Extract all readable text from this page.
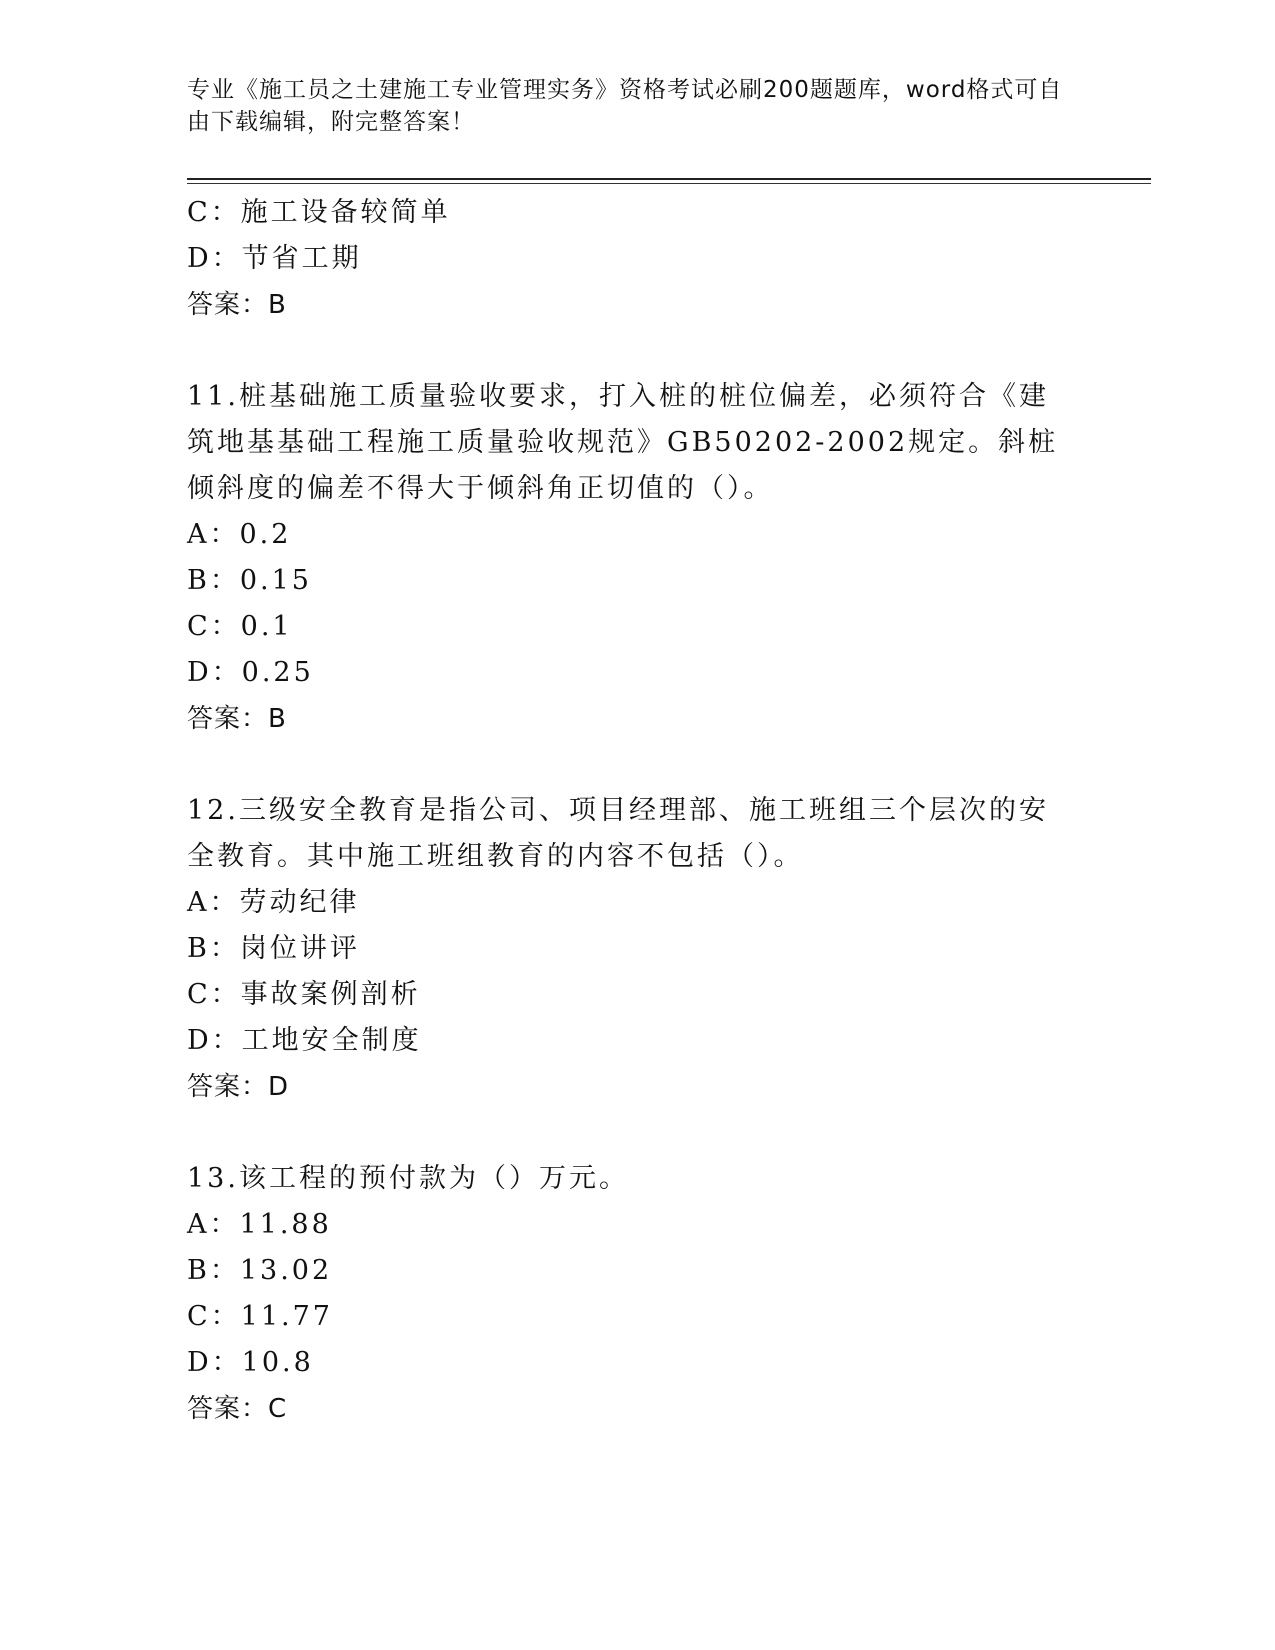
专业《施工员之土建施工专业管理实务》资格考试必刷200题题库，word格式可自由下载编辑，附完整答案！
C：施工设备较简单
D：节省工期
答案：B
11.桩基础施工质量验收要求，打入桩的桩位偏差，必须符合《建筑地基基础工程施工质量验收规范》GB50202-2002规定。斜桩倾斜度的偏差不得大于倾斜角正切值的（）。
A：0.2
B：0.15
C：0.1
D：0.25
答案：B
12.三级安全教育是指公司、项目经理部、施工班组三个层次的安全教育。其中施工班组教育的内容不包括（）。
A：劳动纪律
B：岗位讲评
C：事故案例剖析
D：工地安全制度
答案：D
13.该工程的预付款为（）万元。
A：11.88
B：13.02
C：11.77
D：10.8
答案：C
